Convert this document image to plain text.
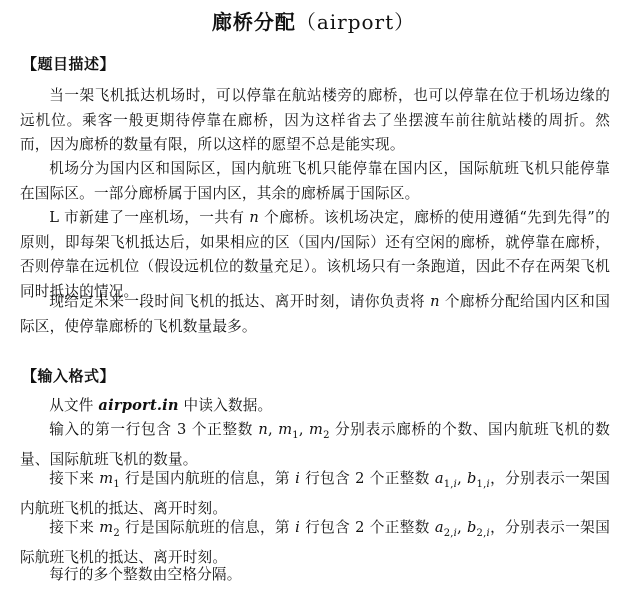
廊桥分配（airport）
【题目描述】

当一架飞机抵达机场时，可以停靠在航站楼旁的廊桥，也可以停靠在位于机场边缘的远机位。乘客一般更期待停靠在廊桥，因为这样省去了坐摆渡车前往航站楼的周折。然而，因为廊桥的数量有限，所以这样的愿望不总是能实现。

机场分为国内区和国际区，国内航班飞机只能停靠在国内区，国际航班飞机只能停靠在国际区。一部分廊桥属于国内区，其余的廊桥属于国际区。

L 市新建了一座机场，一共有 n 个廊桥。该机场决定，廊桥的使用遵循“先到先得”的原则，即每架飞机抵达后，如果相应的区（国内/国际）还有空闲的廊桥，就停靠在廊桥，否则停靠在远机位（假设远机位的数量充足）。该机场只有一条跑道，因此不存在两架飞机同时抵达的情况。

现给定未来一段时间飞机的抵达、离开时刻，请你负责将 n 个廊桥分配给国内区和国际区，使停靠廊桥的飞机数量最多。

【输入格式】

从文件 airport.in 中读入数据。

输入的第一行包含 3 个正整数 n, $m_1$, $m_2$ 分别表示廊桥的个数、国内航班飞机的数量、国际航班飞机的数量。

接下来 $m_1$ 行是国内航班的信息，第 i 行包含 2 个正整数 $a_{1,i}$, $b_{1,i}$，分别表示一架国内航班飞机的抵达、离开时刻。

接下来 $m_2$ 行是国际航班的信息，第 i 行包含 2 个正整数 $a_{2,i}$, $b_{2,i}$，分别表示一架国际航班飞机的抵达、离开时刻。

每行的多个整数由空格分隔。
